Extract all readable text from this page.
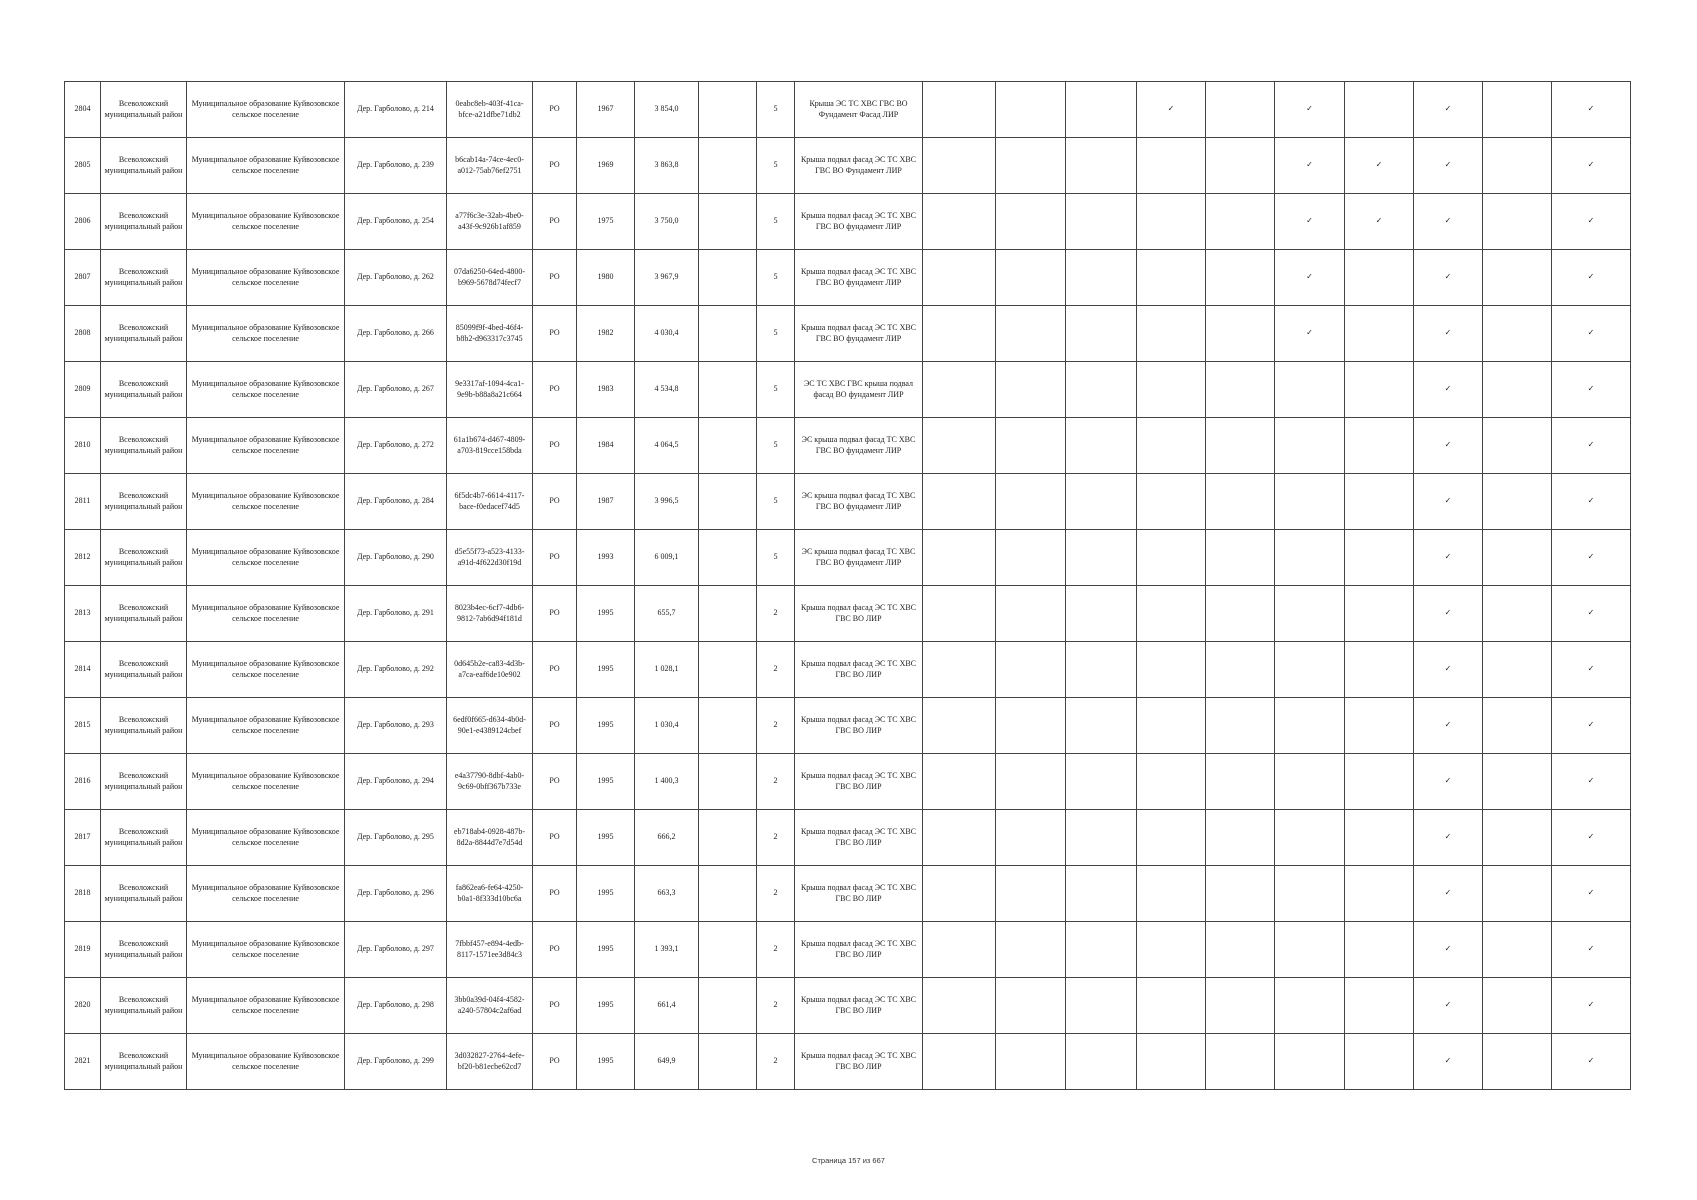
2804	Всеволожский муниципальный район	Муниципальное образование Куйвозовское сельское поселение	Дер. Гарболово, д. 214	0eabc8eb-403f-41ca-bfce-a21dfbe71db2	РО	1967	3 854,0		5	Крыша ЭС ТС ХВС ГВС ВО Фундамент Фасад ЛИР				✓		✓		✓		✓
2805	Всеволожский муниципальный район	Муниципальное образование Куйвозовское сельское поселение	Дер. Гарболово, д. 239	b6cab14a-74ce-4ec0-a012-75ab76ef2751	РО	1969	3 863,8		5	Крыша подвал фасад ЭС ТС ХВС ГВС ВО Фундамент ЛИР						✓	✓	✓		✓
2806	Всеволожский муниципальный район	Муниципальное образование Куйвозовское сельское поселение	Дер. Гарболово, д. 254	a77f6c3e-32ab-4be0-a43f-9c926b1af859	РО	1975	3 750,0		5	Крыша подвал фасад ЭС ТС ХВС ГВС ВО фундамент ЛИР						✓	✓	✓		✓
2807	Всеволожский муниципальный район	Муниципальное образование Куйвозовское сельское поселение	Дер. Гарболово, д. 262	07da6250-64ed-4800-b969-5678d74fecf7	РО	1980	3 967,9		5	Крыша подвал фасад ЭС ТС ХВС ГВС ВО фундамент ЛИР						✓		✓		✓
2808	Всеволожский муниципальный район	Муниципальное образование Куйвозовское сельское поселение	Дер. Гарболово, д. 266	85099f9f-4bed-46f4-b8b2-d963317c3745	РО	1982	4 030,4		5	Крыша подвал фасад ЭС ТС ХВС ГВС ВО фундамент ЛИР						✓		✓		✓
2809	Всеволожский муниципальный район	Муниципальное образование Куйвозовское сельское поселение	Дер. Гарболово, д. 267	9e3317af-1094-4ca1-9e9b-b88a8a21c664	РО	1983	4 534,8		5	ЭС ТС ХВС ГВС крыша подвал фасад ВО фундамент ЛИР								✓		✓
2810	Всеволожский муниципальный район	Муниципальное образование Куйвозовское сельское поселение	Дер. Гарболово, д. 272	61a1b674-d467-4809-a703-819cce158bda	РО	1984	4 064,5		5	ЭС крыша подвал фасад ТС ХВС ГВС ВО фундамент ЛИР								✓		✓
2811	Всеволожский муниципальный район	Муниципальное образование Куйвозовское сельское поселение	Дер. Гарболово, д. 284	6f5dc4b7-6614-4117-bace-f0edacef74d5	РО	1987	3 996,5		5	ЭС крыша подвал фасад ТС ХВС ГВС ВО фундамент ЛИР								✓		✓
2812	Всеволожский муниципальный район	Муниципальное образование Куйвозовское сельское поселение	Дер. Гарболово, д. 290	d5e55f73-a523-4133-a91d-4f622d30f19d	РО	1993	6 009,1		5	ЭС крыша подвал фасад ТС ХВС ГВС ВО фундамент ЛИР								✓		✓
2813	Всеволожский муниципальный район	Муниципальное образование Куйвозовское сельское поселение	Дер. Гарболово, д. 291	8023b4ec-6cf7-4db6-9812-7ab6d94f181d	РО	1995	655,7		2	Крыша подвал фасад ЭС ТС ХВС ГВС ВО ЛИР								✓		✓
2814	Всеволожский муниципальный район	Муниципальное образование Куйвозовское сельское поселение	Дер. Гарболово, д. 292	0d645b2e-ca83-4d3b-a7ca-eaf6de10e902	РО	1995	1 028,1		2	Крыша подвал фасад ЭС ТС ХВС ГВС ВО ЛИР								✓		✓
2815	Всеволожский муниципальный район	Муниципальное образование Куйвозовское сельское поселение	Дер. Гарболово, д. 293	6edf0f665-d634-4b0d-90e1-e4389124cbef	РО	1995	1 030,4		2	Крыша подвал фасад ЭС ТС ХВС ГВС ВО ЛИР								✓		✓
2816	Всеволожский муниципальный район	Муниципальное образование Куйвозовское сельское поселение	Дер. Гарболово, д. 294	e4a37790-8dbf-4ab0-9c69-0bff367b733e	РО	1995	1 400,3		2	Крыша подвал фасад ЭС ТС ХВС ГВС ВО ЛИР								✓		✓
2817	Всеволожский муниципальный район	Муниципальное образование Куйвозовское сельское поселение	Дер. Гарболово, д. 295	eb718ab4-0928-487b-8d2a-8844d7e7d54d	РО	1995	666,2		2	Крыша подвал фасад ЭС ТС ХВС ГВС ВО ЛИР								✓		✓
2818	Всеволожский муниципальный район	Муниципальное образование Куйвозовское сельское поселение	Дер. Гарболово, д. 296	fa862ea6-fe64-4250-b0a1-8f333d10bc6a	РО	1995	663,3		2	Крыша подвал фасад ЭС ТС ХВС ГВС ВО ЛИР								✓		✓
2819	Всеволожский муниципальный район	Муниципальное образование Куйвозовское сельское поселение	Дер. Гарболово, д. 297	7fbbf457-e894-4edb-8117-1571ee3d84c3	РО	1995	1 393,1		2	Крыша подвал фасад ЭС ТС ХВС ГВС ВО ЛИР								✓		✓
2820	Всеволожский муниципальный район	Муниципальное образование Куйвозовское сельское поселение	Дер. Гарболово, д. 298	3bb0a39d-04f4-4582-a240-57804c2af6ad	РО	1995	661,4		2	Крыша подвал фасад ЭС ТС ХВС ГВС ВО ЛИР								✓		✓
2821	Всеволожский муниципальный район	Муниципальное образование Куйвозовское сельское поселение	Дер. Гарболово, д. 299	3d032827-2764-4efe-bf20-b81ecbe62cd7	РО	1995	649,9		2	Крыша подвал фасад ЭС ТС ХВС ГВС ВО ЛИР								✓		✓
Страница 157 из 667
